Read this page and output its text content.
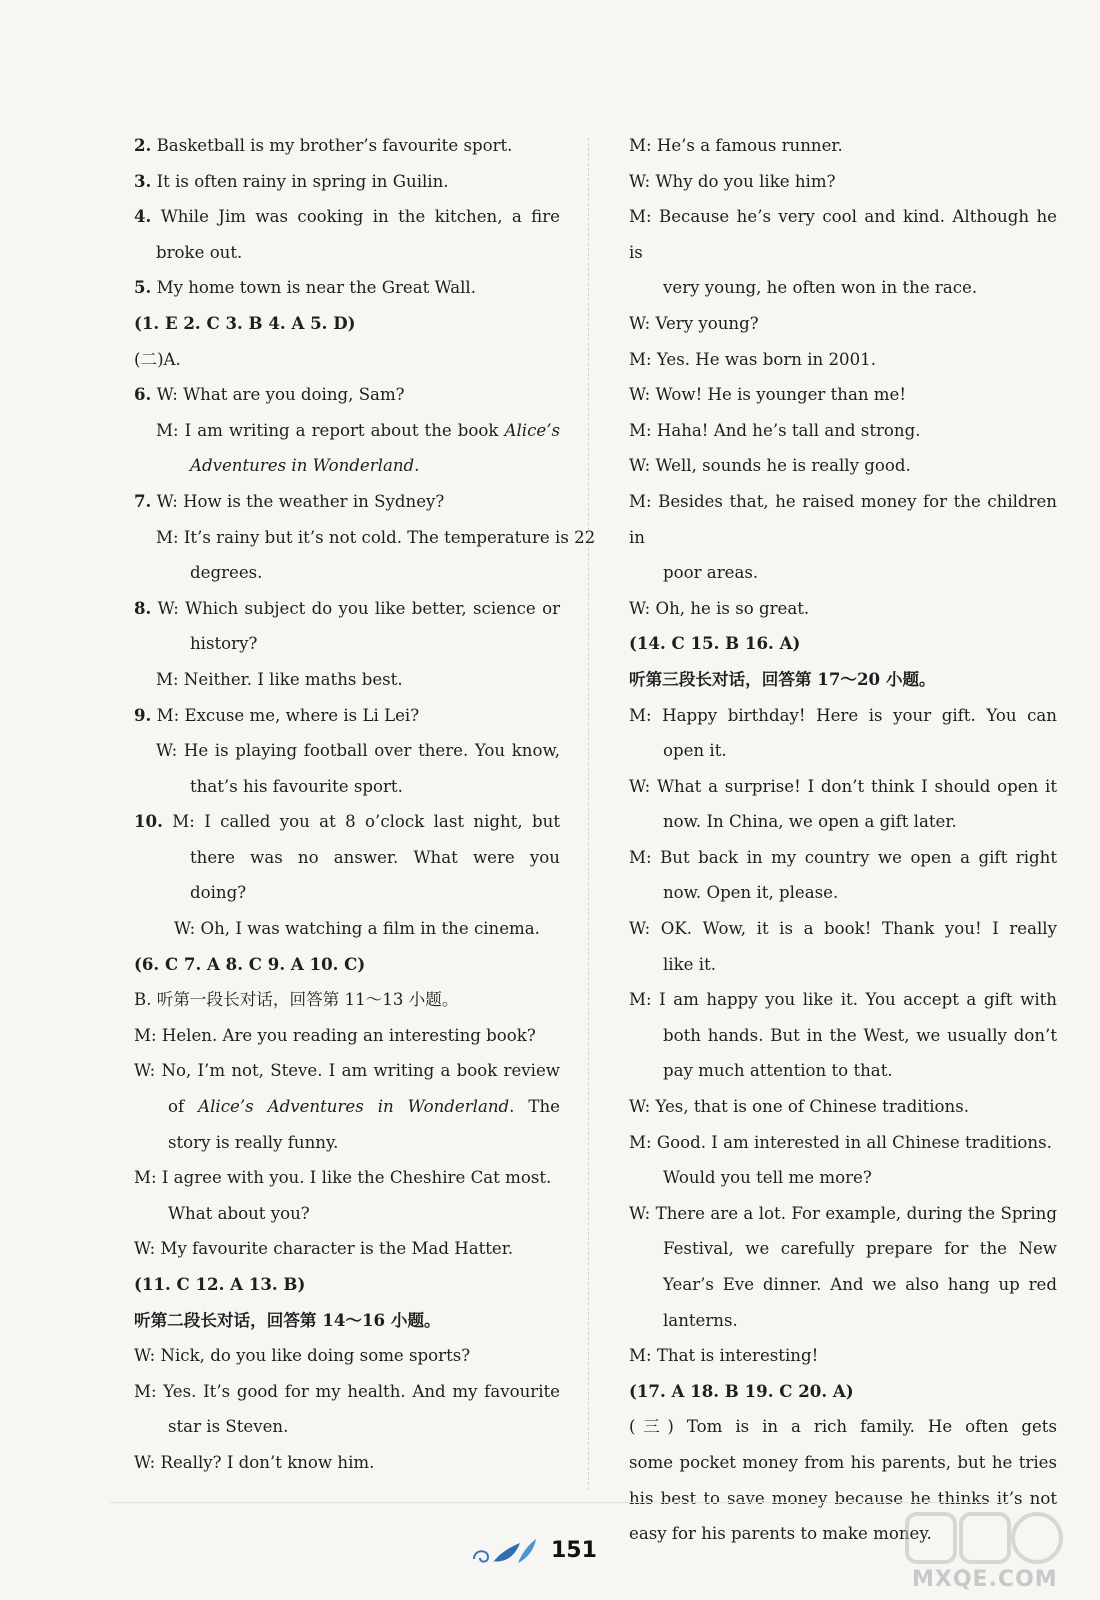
2. Basketball is my brother’s favourite sport.
3. It is often rainy in spring in Guilin.
4. While Jim was cooking in the kitchen, a fire
broke out.
5. My home town is near the Great Wall.
(1. E 2. C 3. B 4. A 5. D)
(二)A.
6. W: What are you doing, Sam?
M: I am writing a report about the book Alice’s
Adventures in Wonderland.
7. W: How is the weather in Sydney?
M: It’s rainy but it’s not cold. The temperature is 22
degrees.
8. W: Which subject do you like better, science or
history?
M: Neither. I like maths best.
9. M: Excuse me, where is Li Lei?
W: He is playing football over there. You know,
that’s his favourite sport.
10. M: I called you at 8 o’clock last night, but
there was no answer. What were you
doing?
W: Oh, I was watching a film in the cinema.
(6. C 7. A 8. C 9. A 10. C)
B. 听第一段长对话，回答第 11～13 小题。
M: Helen. Are you reading an interesting book?
W: No, I’m not, Steve. I am writing a book review
of Alice’s Adventures in Wonderland. The
story is really funny.
M: I agree with you. I like the Cheshire Cat most.
What about you?
W: My favourite character is the Mad Hatter.
(11. C 12. A 13. B)
听第二段长对话，回答第 14～16 小题。
W: Nick, do you like doing some sports?
M: Yes. It’s good for my health. And my favourite
star is Steven.
W: Really? I don’t know him.
M: He’s a famous runner.
W: Why do you like him?
M: Because he’s very cool and kind. Although he is
very young, he often won in the race.
W: Very young?
M: Yes. He was born in 2001.
W: Wow! He is younger than me!
M: Haha! And he’s tall and strong.
W: Well, sounds he is really good.
M: Besides that, he raised money for the children in
poor areas.
W: Oh, he is so great.
(14. C 15. B 16. A)
听第三段长对话，回答第 17～20 小题。
M: Happy birthday! Here is your gift. You can
open it.
W: What a surprise! I don’t think I should open it
now. In China, we open a gift later.
M: But back in my country we open a gift right
now. Open it, please.
W: OK. Wow, it is a book! Thank you! I really
like it.
M: I am happy you like it. You accept a gift with
both hands. But in the West, we usually don’t
pay much attention to that.
W: Yes, that is one of Chinese traditions.
M: Good. I am interested in all Chinese traditions.
Would you tell me more?
W: There are a lot. For example, during the Spring
Festival, we carefully prepare for the New
Year’s Eve dinner. And we also hang up red
lanterns.
M: That is interesting!
(17. A 18. B 19. C 20. A)
(三) Tom is in a rich family. He often gets
some pocket money from his parents, but he tries
his best to save money because he thinks it’s not
easy for his parents to make money.
151
MXQE.COM
